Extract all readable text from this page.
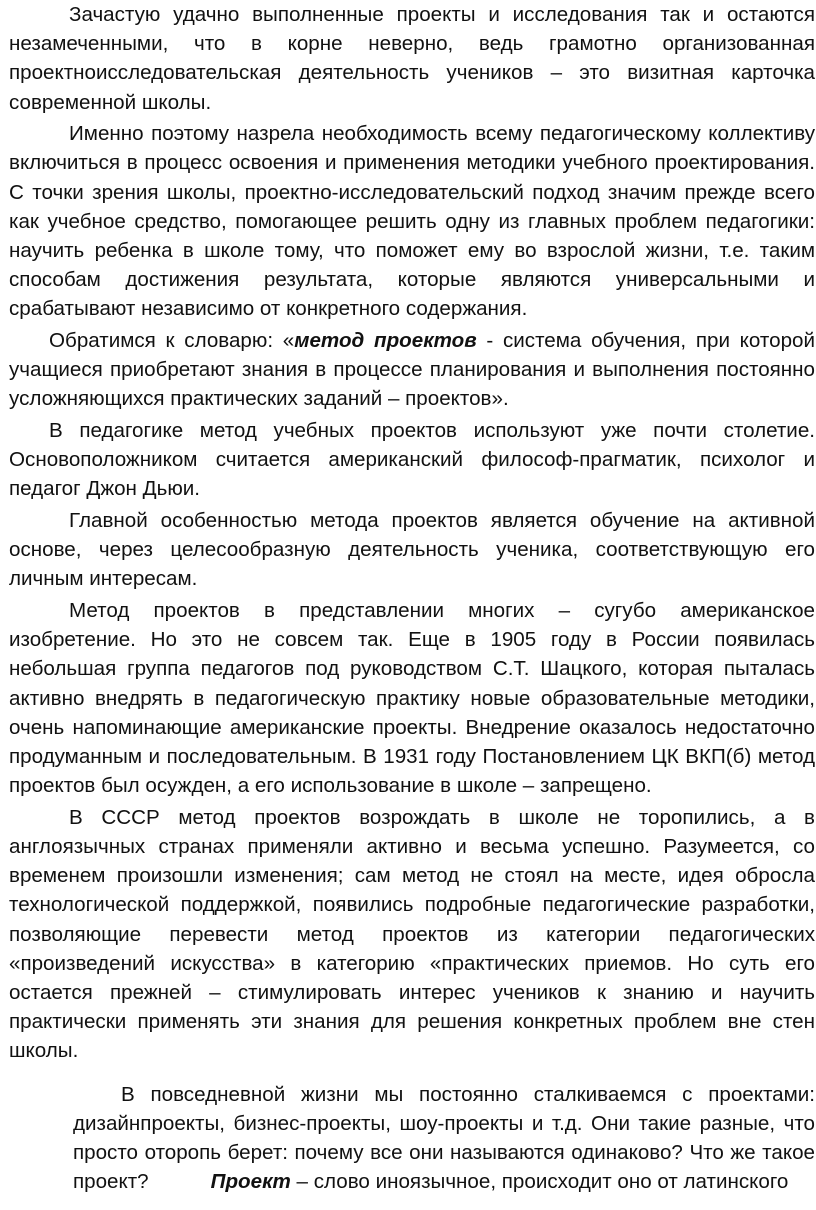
Зачастую удачно выполненные проекты и исследования так и остаются незамеченными, что в корне неверно, ведь грамотно организованная проектноисследовательская деятельность учеников – это визитная карточка современной школы.

Именно поэтому назрела необходимость всему педагогическому коллективу включиться в процесс освоения и применения методики учебного проектирования. С точки зрения школы, проектно-исследовательский подход значим прежде всего как учебное средство, помогающее решить одну из главных проблем педагогики: научить ребенка в школе тому, что поможет ему во взрослой жизни, т.е. таким способам достижения результата, которые являются универсальными и срабатывают независимо от конкретного содержания.

Обратимся к словарю: «метод проектов - система обучения, при которой учащиеся приобретают знания в процессе планирования и выполнения постоянно усложняющихся практических заданий – проектов».

В педагогике метод учебных проектов используют уже почти столетие. Основоположником считается американский философ-прагматик, психолог и педагог Джон Дьюи.

Главной особенностью метода проектов является обучение на активной основе, через целесообразную деятельность ученика, соответствующую его личным интересам.

Метод проектов в представлении многих – сугубо американское изобретение. Но это не совсем так. Еще в 1905 году в России появилась небольшая группа педагогов под руководством С.Т. Шацкого, которая пыталась активно внедрять в педагогическую практику новые образовательные методики, очень напоминающие американские проекты. Внедрение оказалось недостаточно продуманным и последовательным. В 1931 году Постановлением ЦК ВКП(б) метод проектов был осужден, а его использование в школе – запрещено.

В СССР метод проектов возрождать в школе не торопились, а в англоязычных странах применяли активно и весьма успешно. Разумеется, со временем произошли изменения; сам метод не стоял на месте, идея обросла технологической поддержкой, появились подробные педагогические разработки, позволяющие перевести метод проектов из категории педагогических «произведений искусства» в категорию «практических приемов. Но суть его остается прежней – стимулировать интерес учеников к знанию и научить практически применять эти знания для решения конкретных проблем вне стен школы.

В повседневной жизни мы постоянно сталкиваемся с проектами: дизайнпроекты, бизнес-проекты, шоу-проекты и т.д. Они такие разные, что просто оторопь берет: почему все они называются одинаково? Что же такое проект?	Проект – слово иноязычное, происходит оно от латинского
